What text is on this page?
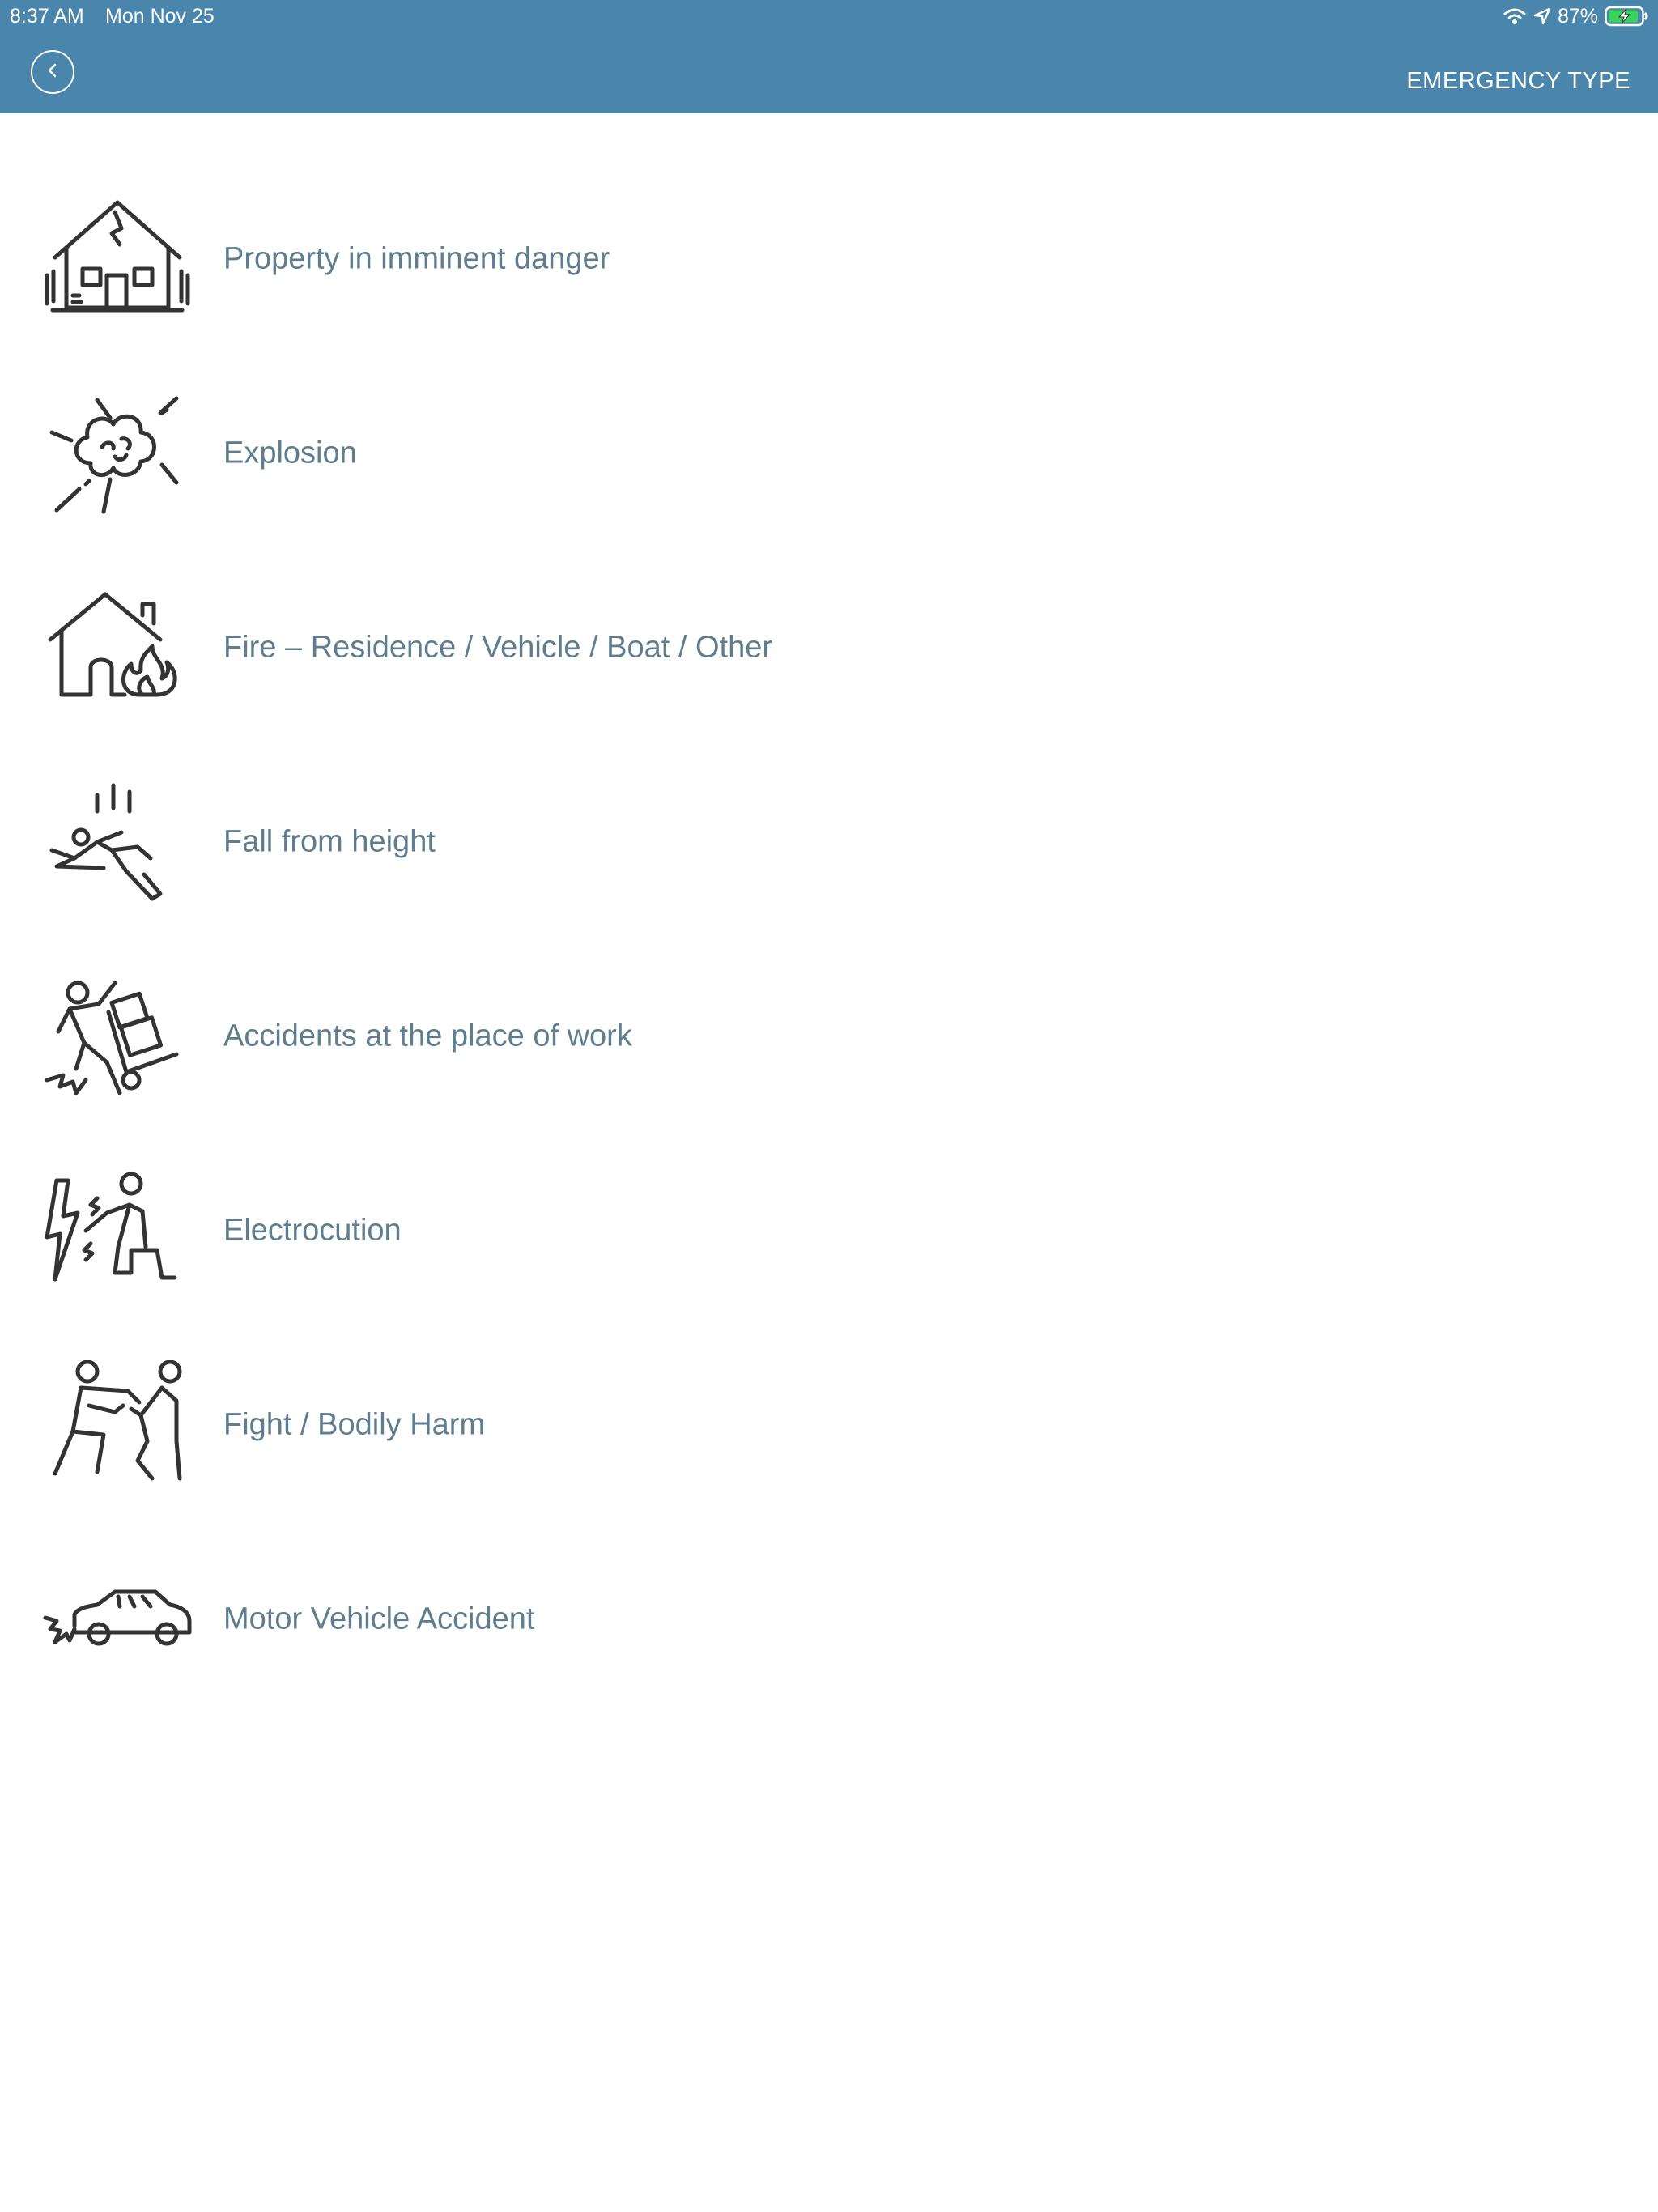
8:37 AM Mon Nov 25	87%
EMERGENCY TYPE
Property in imminent danger
Explosion
Fire – Residence / Vehicle / Boat / Other
Fall from height
Accidents at the place of work
Electrocution
Fight / Bodily Harm
Motor Vehicle Accident
